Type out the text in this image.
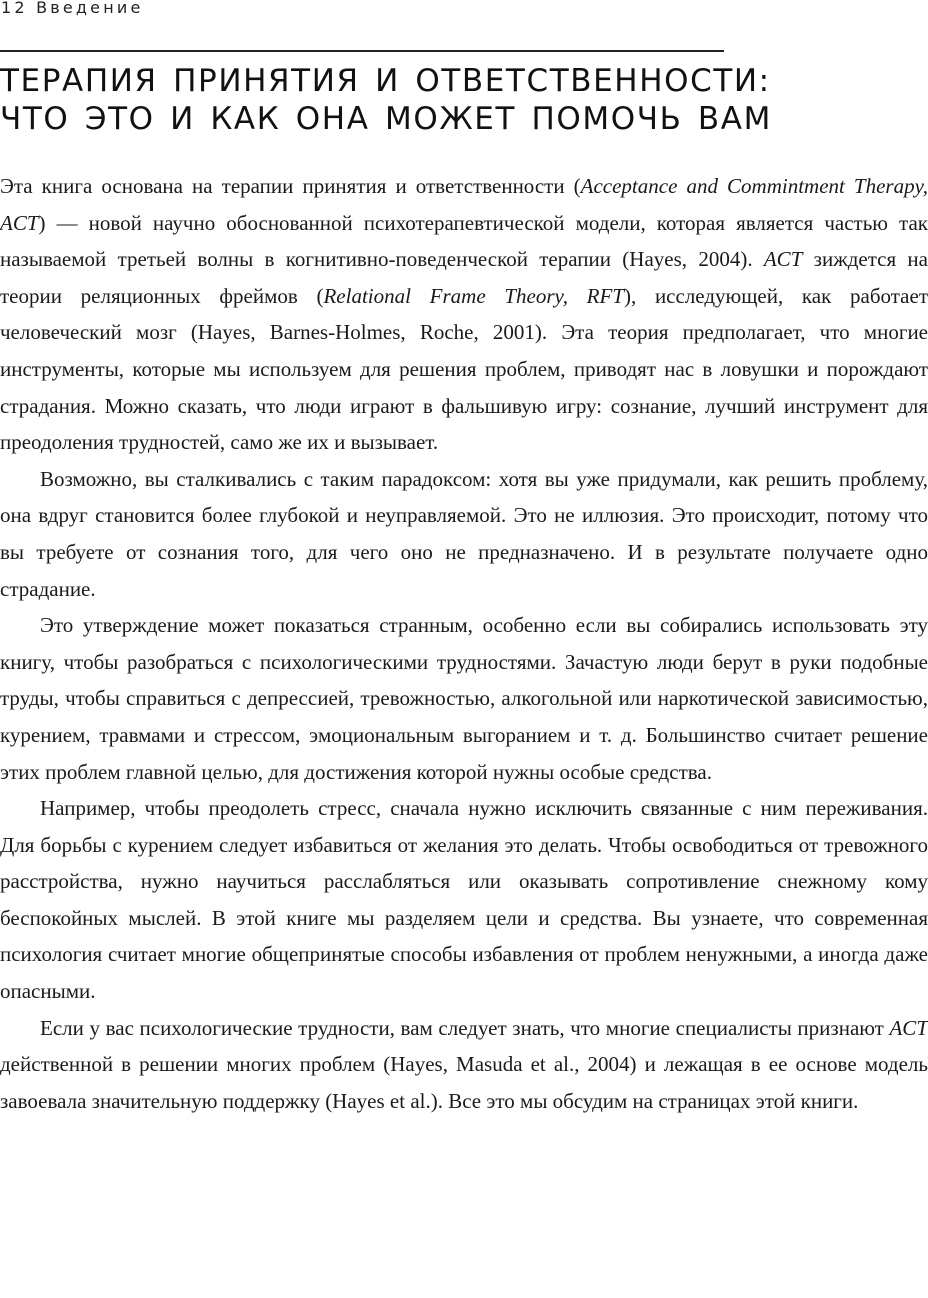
12 Введение
ТЕРАПИЯ ПРИНЯТИЯ И ОТВЕТСТВЕННОСТИ:
ЧТО ЭТО И КАК ОНА МОЖЕТ ПОМОЧЬ ВАМ

Эта книга основана на терапии принятия и ответственности (Acceptance and Commintment Therapy, ACT) — новой научно обоснованной психотерапевтической модели, которая является частью так называемой третьей волны в когнитивно-поведенческой терапии (Hayes, 2004). ACT зиждется на теории реляционных фреймов (Relational Frame Theory, RFT), исследующей, как работает человеческий мозг (Hayes, Barnes-Holmes, Roche, 2001). Эта теория предполагает, что многие инструменты, которые мы используем для решения проблем, приводят нас в ловушки и порождают страдания. Можно сказать, что люди играют в фальшивую игру: сознание, лучший инструмент для преодоления трудностей, само же их и вызывает.

Возможно, вы сталкивались с таким парадоксом: хотя вы уже придумали, как решить проблему, она вдруг становится более глубокой и неуправляемой. Это не иллюзия. Это происходит, потому что вы требуете от сознания того, для чего оно не предназначено. И в результате получаете одно страдание.

Это утверждение может показаться странным, особенно если вы собирались использовать эту книгу, чтобы разобраться с психологическими трудностями. Зачастую люди берут в руки подобные труды, чтобы справиться с депрессией, тревожностью, алкогольной или наркотической зависимостью, курением, травмами и стрессом, эмоциональным выгоранием и т. д. Большинство считает решение этих проблем главной целью, для достижения которой нужны особые средства.

Например, чтобы преодолеть стресс, сначала нужно исключить связанные с ним переживания. Для борьбы с курением следует избавиться от желания это делать. Чтобы освободиться от тревожного расстройства, нужно научиться расслабляться или оказывать сопротивление снежному кому беспокойных мыслей. В этой книге мы разделяем цели и средства. Вы узнаете, что современная психология считает многие общепринятые способы избавления от проблем ненужными, а иногда даже опасными.

Если у вас психологические трудности, вам следует знать, что многие специалисты признают ACT действенной в решении многих проблем (Hayes, Masuda et al., 2004) и лежащая в ее основе модель завоевала значительную поддержку (Hayes et al.). Все это мы обсудим на страницах этой книги.
